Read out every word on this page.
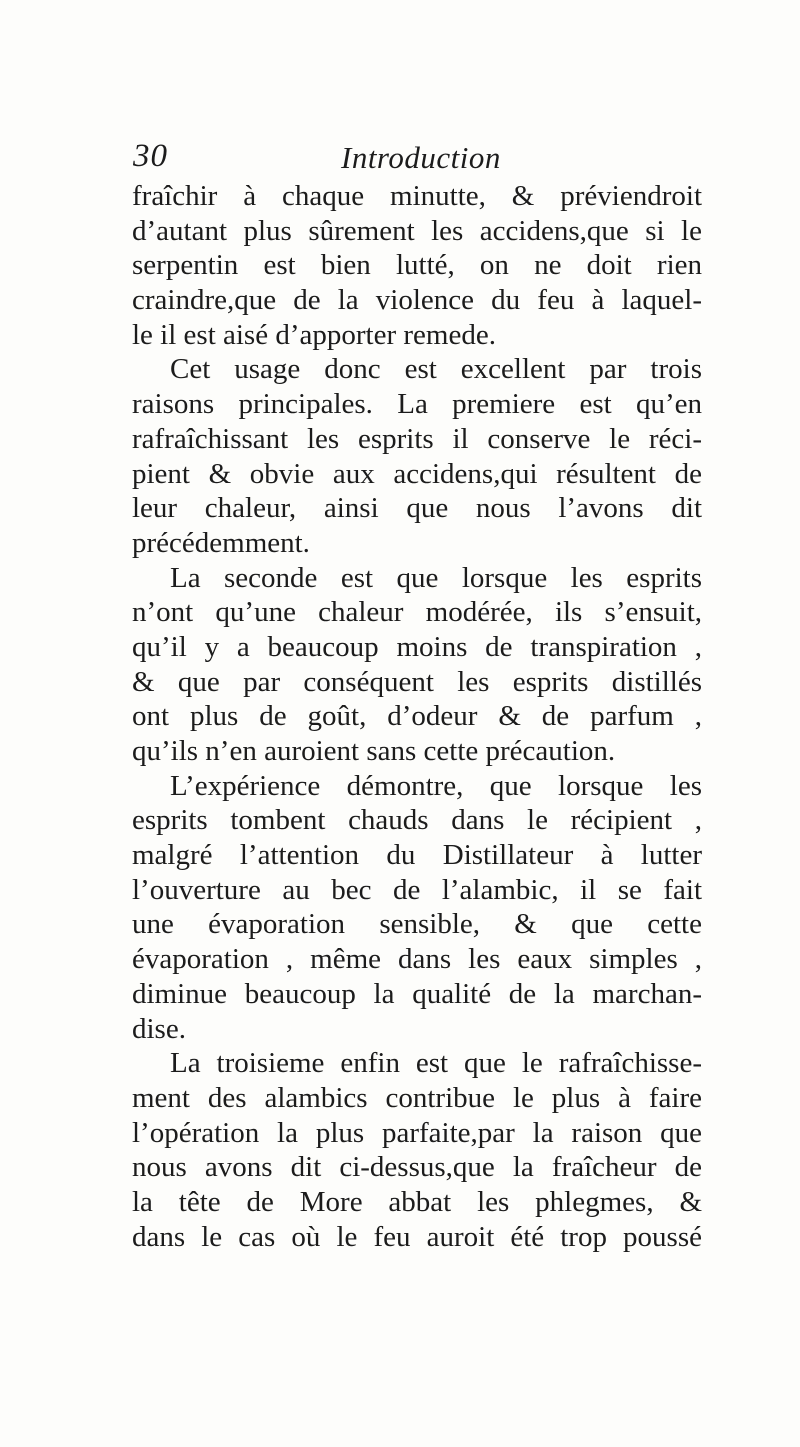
30	Introduction
fraîchir à chaque minutte, & préviendroit
d’autant plus sûrement les accidens,que si le
serpentin est bien lutté, on ne doit rien
craindre,que de la violence du feu à laquel-
le il est aisé d’apporter remede.
Cet usage donc est excellent par trois
raisons principales. La premiere est qu’en
rafraîchissant les esprits il conserve le réci-
pient & obvie aux accidens,qui résultent de
leur chaleur, ainsi que nous l’avons dit
précédemment.
La seconde est que lorsque les esprits
n’ont qu’une chaleur modérée, ils s’ensuit,
qu’il y a beaucoup moins de transpiration ,
& que par conséquent les esprits distillés
ont plus de goût, d’odeur & de parfum ,
qu’ils n’en auroient sans cette précaution.
L’expérience démontre, que lorsque les
esprits tombent chauds dans le récipient ,
malgré l’attention du Distillateur à lutter
l’ouverture au bec de l’alambic, il se fait
une évaporation sensible, & que cette
évaporation , même dans les eaux simples ,
diminue beaucoup la qualité de la marchan-
dise.
La troisieme enfin est que le rafraîchisse-
ment des alambics contribue le plus à faire
l’opération la plus parfaite,par la raison que
nous avons dit ci-dessus,que la fraîcheur de
la tête de More abbat les phlegmes, &
dans le cas où le feu auroit été trop poussé
